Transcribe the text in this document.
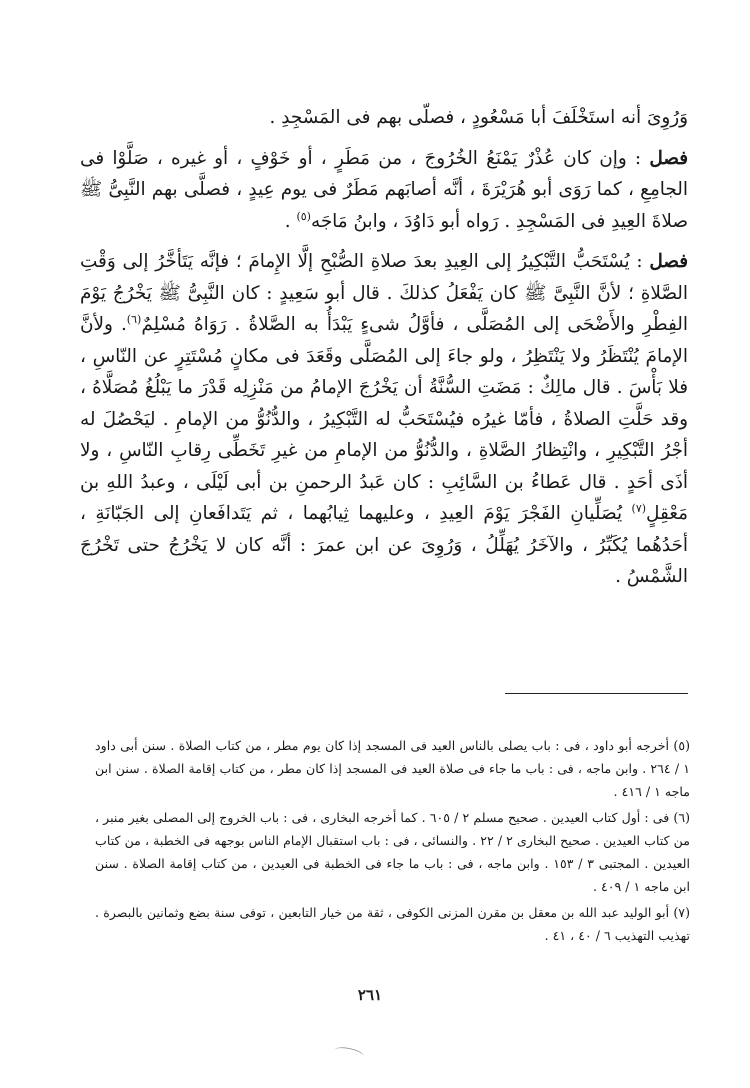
وَرُوِىَ أنه استَخْلَفَ أبا مَسْعُودٍ ، فصلّى بهم فى المَسْجِدِ .

فصل : وإن كان عُذْرٌ يَمْنَعُ الخُرُوجَ ، من مَطَرٍ ، أو خَوْفٍ ، أو غيره ، صَلَّوْا فى الجامِعِ ، كما رَوَى أبو هُرَيْرَةَ ، أنَّه أصابَهم مَطَرٌ فى يوم عِيدٍ ، فصلَّى بهم النَّبِىُّ ﷺ صلاةَ العِيدِ فى المَسْجِدِ . رَواه أبو دَاوُدَ ، وابنُ مَاجَه$^{(٥)}$ .

فصل : يُسْتَحَبُّ التَّبْكِيرُ إلى العِيدِ بعدَ صلاةِ الصُّبْحِ إلَّا الإِمامَ ؛ فإنَّه يَتَأخَّرُ إلى وَقْتِ الصَّلاةِ ؛ لأنَّ النَّبِىَّ ﷺ كان يَفْعَلُ كذلكَ . قال أبو سَعِيدٍ : كان النَّبِىُّ ﷺ يَخْرُجُ يَوْمَ الفِطْرِ والأَضْحَى إلى المُصَلَّى ، فأوَّلُ شىءٍ يَبْدَأُ به الصَّلاةُ . رَوَاهُ مُسْلِمٌ$^{(٦)}$. ولأنَّ الإمامَ يُنْتَظَرُ ولا يَنْتَظِرُ ، ولو جاءَ إلى المُصَلَّى وقَعَدَ فى مكانٍ مُسْتَتِرٍ عن النّاسِ ، فلا بَأْسَ . قال مالِكٌ : مَضَتِ السُّنَّةُ أن يَخْرُجَ الإمامُ من مَنْزِلِه قَدْرَ ما يَبْلُغُ مُصَلَّاهُ ، وقد حَلَّتِ الصلاةُ ، فأمّا غيرُه فيُسْتَحَبُّ له التَّبْكِيرُ ، والدُّنُوُّ من الإمامِ . ليَحْصُلَ له أجْرُ التَّبْكِيرِ ، وانْتِظارُ الصَّلاةِ ، والدُّنُوُّ من الإمامِ من غيرِ تَخَطِّى رِقابِ النّاسِ ، ولا أذَى أحَدٍ . قال عَطاءُ بن السَّائِبِ : كان عَبدُ الرحمنِ بن أبى لَيْلَى ، وعبدُ اللهِ بن مَعْقِلٍ$^{(٧)}$ يُصَلِّيانِ الفَجْرَ يَوْمَ العِيدِ ، وعليهما ثِيابُهما ، ثم يَتَدافَعانِ إلى الجَبّانَةِ ، أحَدُهُما يُكَبِّرُ ، والآخَرُ يُهَلِّلُ ، وَرُوِىَ عن ابن عمرَ : أنَّه كان لا يَخْرُجُ حتى تَخْرُجَ الشَّمْسُ .

(٥) أخرجه أبو داود ، فى : باب يصلى بالناس العيد فى المسجد إذا كان يوم مطر ، من كتاب الصلاة . سنن أبى داود ١ / ٢٦٤ . وابن ماجه ، فى : باب ما جاء فى صلاة العيد فى المسجد إذا كان مطر ، من كتاب إقامة الصلاة . سنن ابن ماجه ١ / ٤١٦ .

(٦) فى : أول كتاب العيدين . صحيح مسلم ٢ / ٦٠٥ . كما أخرجه البخارى ، فى : باب الخروج إلى المصلى بغير منبر ، من كتاب العيدين . صحيح البخارى ٢ / ٢٢ . والنسائى ، فى : باب استقبال الإمام الناس بوجهه فى الخطبة ، من كتاب العيدين . المجتبى ٣ / ١٥٣ . وابن ماجه ، فى : باب ما جاء فى الخطبة فى العيدين ، من كتاب إقامة الصلاة . سنن ابن ماجه ١ / ٤٠٩ .

(٧) أبو الوليد عبد الله بن معقل بن مقرن المزنى الكوفى ، ثقة من خيار التابعين ، توفى سنة بضع وثمانين بالبصرة . تهذيب التهذيب ٦ / ٤٠ ، ٤١ .

٢٦١
